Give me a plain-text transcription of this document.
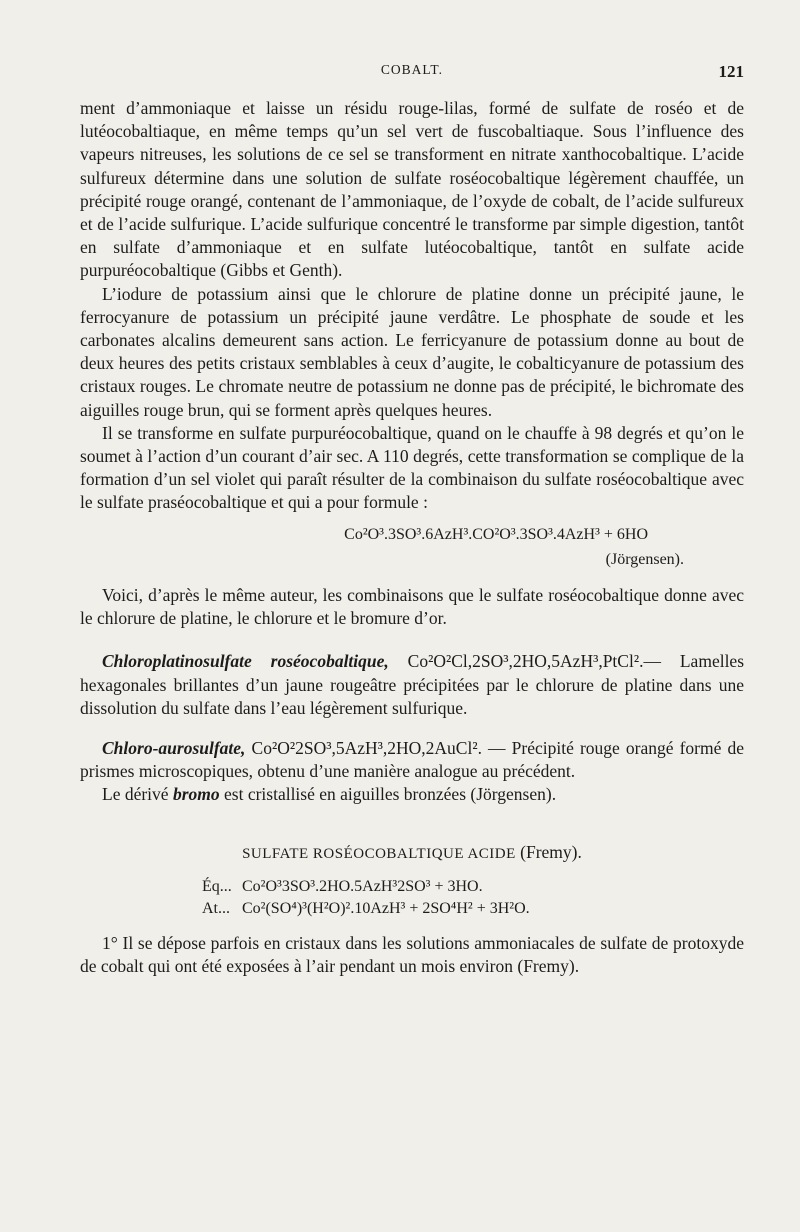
COBALT.	121

ment d’ammoniaque et laisse un résidu rouge-lilas, formé de sulfate de roséo et de lutéocobaltiaque, en même temps qu’un sel vert de fuscobaltiaque. Sous l’influence des vapeurs nitreuses, les solutions de ce sel se transforment en nitrate xanthocobaltique. L’acide sulfureux détermine dans une solution de sulfate roséocobaltique légèrement chauffée, un précipité rouge orangé, contenant de l’ammoniaque, de l’oxyde de cobalt, de l’acide sulfureux et de l’acide sulfurique. L’acide sulfurique concentré le transforme par simple digestion, tantôt en sulfate d’ammoniaque et en sulfate lutéocobaltique, tantôt en sulfate acide purpuréocobaltique (Gibbs et Genth).

L’iodure de potassium ainsi que le chlorure de platine donne un précipité jaune, le ferrocyanure de potassium un précipité jaune verdâtre. Le phosphate de soude et les carbonates alcalins demeurent sans action. Le ferricyanure de potassium donne au bout de deux heures des petits cristaux semblables à ceux d’augite, le cobalticyanure de potassium des cristaux rouges. Le chromate neutre de potassium ne donne pas de précipité, le bichromate des aiguilles rouge brun, qui se forment après quelques heures.

Il se transforme en sulfate purpuréocobaltique, quand on le chauffe à 98 degrés et qu’on le soumet à l’action d’un courant d’air sec. A 110 degrés, cette transformation se complique de la formation d’un sel violet qui paraît résulter de la combinaison du sulfate roséocobaltique avec le sulfate praséocobaltique et qui a pour formule :

Co²O³.3SO³.6AzH³.CO²O³.3SO³.4AzH³ + 6HO
(Jörgensen).

Voici, d’après le même auteur, les combinaisons que le sulfate roséocobaltique donne avec le chlorure de platine, le chlorure et le bromure d’or.

Chloroplatinosulfate roséocobaltique, Co²O²Cl,2SO³,2HO,5AzH³,PtCl².— Lamelles hexagonales brillantes d’un jaune rougeâtre précipitées par le chlorure de platine dans une dissolution du sulfate dans l’eau légèrement sulfurique.

Chloro-aurosulfate, Co²O²2SO³,5AzH³,2HO,2AuCl². — Précipité rouge orangé formé de prismes microscopiques, obtenu d’une manière analogue au précédent.

Le dérivé bromo est cristallisé en aiguilles bronzées (Jörgensen).

SULFATE ROSÉOCOBALTIQUE ACIDE (Fremy).
Éq... Co²O³3SO³.2HO.5AzH³2SO³ + 3HO.
At... Co²(SO⁴)³(H²O)².10AzH³ + 2SO⁴H² + 3H²O.

1° Il se dépose parfois en cristaux dans les solutions ammoniacales de sulfate de protoxyde de cobalt qui ont été exposées à l’air pendant un mois environ (Fremy).
